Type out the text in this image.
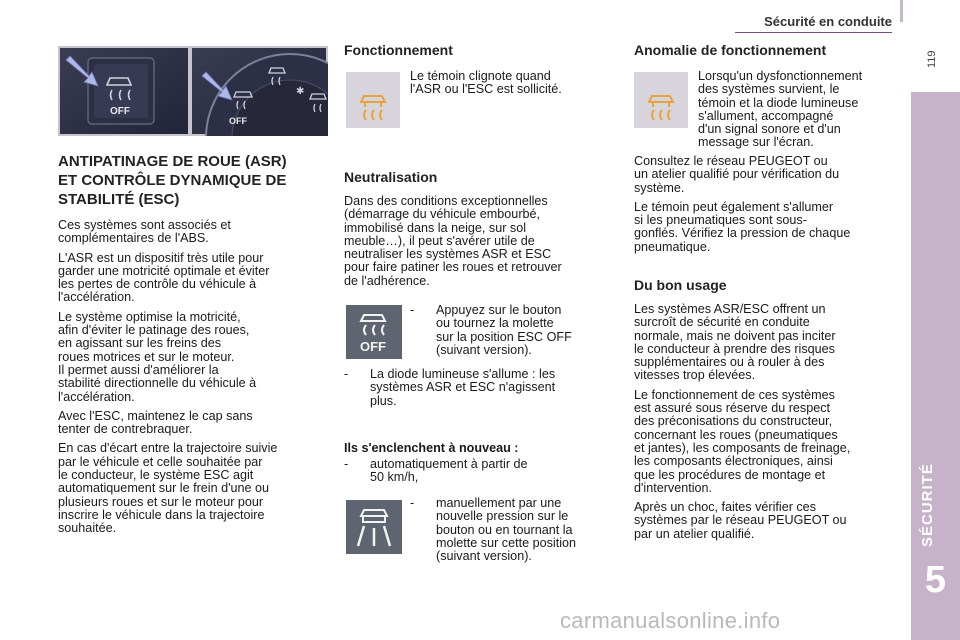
Sécurité en conduite
119
SÉCURITÉ
5
OFF
✱
OFF
ANTIPATINAGE DE ROUE (ASR)
ET CONTRÔLE DYNAMIQUE DE
STABILITÉ (ESC)

Ces systèmes sont associés et
complémentaires de l'ABS.

L'ASR est un dispositif très utile pour
garder une motricité optimale et éviter
les pertes de contrôle du véhicule à
l'accélération.

Le système optimise la motricité,
afin d'éviter le patinage des roues,
en agissant sur les freins des
roues motrices et sur le moteur.
Il permet aussi d'améliorer la
stabilité directionnelle du véhicule à
l'accélération.

Avec l'ESC, maintenez le cap sans
tenter de contrebraquer.

En cas d'écart entre la trajectoire suivie
par le véhicule et celle souhaitée par
le conducteur, le système ESC agit
automatiquement sur le frein d'une ou
plusieurs roues et sur le moteur pour
inscrire le véhicule dans la trajectoire
souhaitée.

Fonctionnement
Le témoin clignote quand
l'ASR ou l'ESC est sollicité.
Neutralisation
Dans des conditions exceptionnelles
(démarrage du véhicule embourbé,
immobilisé dans la neige, sur sol
meuble…), il peut s'avérer utile de
neutraliser les systèmes ASR et ESC
pour faire patiner les roues et retrouver
de l'adhérence.
OFF
- Appuyez sur le bouton
ou tournez la molette
sur la position ESC OFF
(suivant version).
- La diode lumineuse s'allume : les
systèmes ASR et ESC n'agissent
plus.
Ils s'enclenchent à nouveau :
- automatiquement à partir de
50 km/h,
- manuellement par une
nouvelle pression sur le
bouton ou en tournant la
molette sur cette position
(suivant version).
Anomalie de fonctionnement
Lorsqu'un dysfonctionnement
des systèmes survient, le
témoin et la diode lumineuse
s'allument, accompagné
d'un signal sonore et d'un
message sur l'écran.

Consultez le réseau PEUGEOT ou
un atelier qualifié pour vérification du
système.

Le témoin peut également s'allumer
si les pneumatiques sont sous-
gonflés. Vérifiez la pression de chaque
pneumatique.

Du bon usage

Les systèmes ASR/ESC offrent un
surcroît de sécurité en conduite
normale, mais ne doivent pas inciter
le conducteur à prendre des risques
supplémentaires ou à rouler à des
vitesses trop élevées.

Le fonctionnement de ces systèmes
est assuré sous réserve du respect
des préconisations du constructeur,
concernant les roues (pneumatiques
et jantes), les composants de freinage,
les composants électroniques, ainsi
que les procédures de montage et
d'intervention.

Après un choc, faites vérifier ces
systèmes par le réseau PEUGEOT ou
par un atelier qualifié.

carmanualsonline.info
